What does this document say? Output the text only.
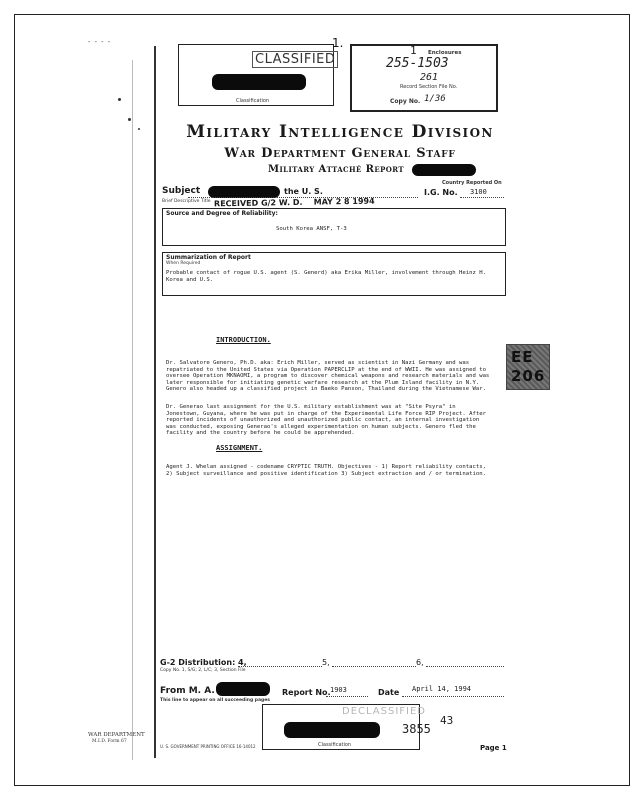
- - - -	1.
CLASSIFIED
Classification
1 Enclosures
255-1503
261
Record Section File No.
Copy No. 1/36
Military Intelligence Division
War Department General Staff
Military Attaché Report
Country Reported On
Subject	the U. S.
Brief Descriptive Title RECEIVED G/2 W. D. MAY 2 8 1994
I.G. No. 3100
Source and Degree of Reliability:
South Korea ANSF, T-3
Summarization of Report
When Required
Probable contact of rogue U.S. agent (S. Generd) aka Erika Miller, involvement through Heinz H. Korea and U.S.
INTRODUCTION.
Dr. Salvatore Genero, Ph.D. aka: Erich Miller, served as scientist in Nazi Germany and was repatriated to the United States via Operation PAPERCLIP at the end of WWII. He was assigned to oversee Operation MKNAOMI, a program to discover chemical weapons and research materials and was later responsible for initiating genetic warfare research at the Plum Island facility in N.Y. Genero also headed up a classified project in Baeko Panson, Thailand during the Vietnamese War.
Dr. Generao last assignment for the U.S. military establishment was at "Site Psyra" in Jonestown, Guyana, where he was put in charge of the Experimental Life Force RIP Project. After reported incidents of unauthorized and unauthorized public contact, an internal investigation was conducted, exposing Generao's alleged experimentation on human subjects. Genero fled the facility and the country before he could be apprehended.
EE
206
ASSIGNMENT.
Agent J. Whelan assigned - codename CRYPTIC TRUTH. Objectives - 1) Report reliability contacts, 2) Subject surveillance and positive identification 3) Subject extraction and / or termination.
G-2 Distribution: 4,	5,	6,
Copy No. 1, S/G; 2, L/C; 3, Section File
From M. A.	Report No. 1903	Date April 14, 1994
This line to appear on all succeeding pages
DECLASSIFIED
3855
43
Classification	Page 1
WAR DEPARTMENT
M.I.D. Form 67
U. S. GOVERNMENT PRINTING OFFICE 16-14012
